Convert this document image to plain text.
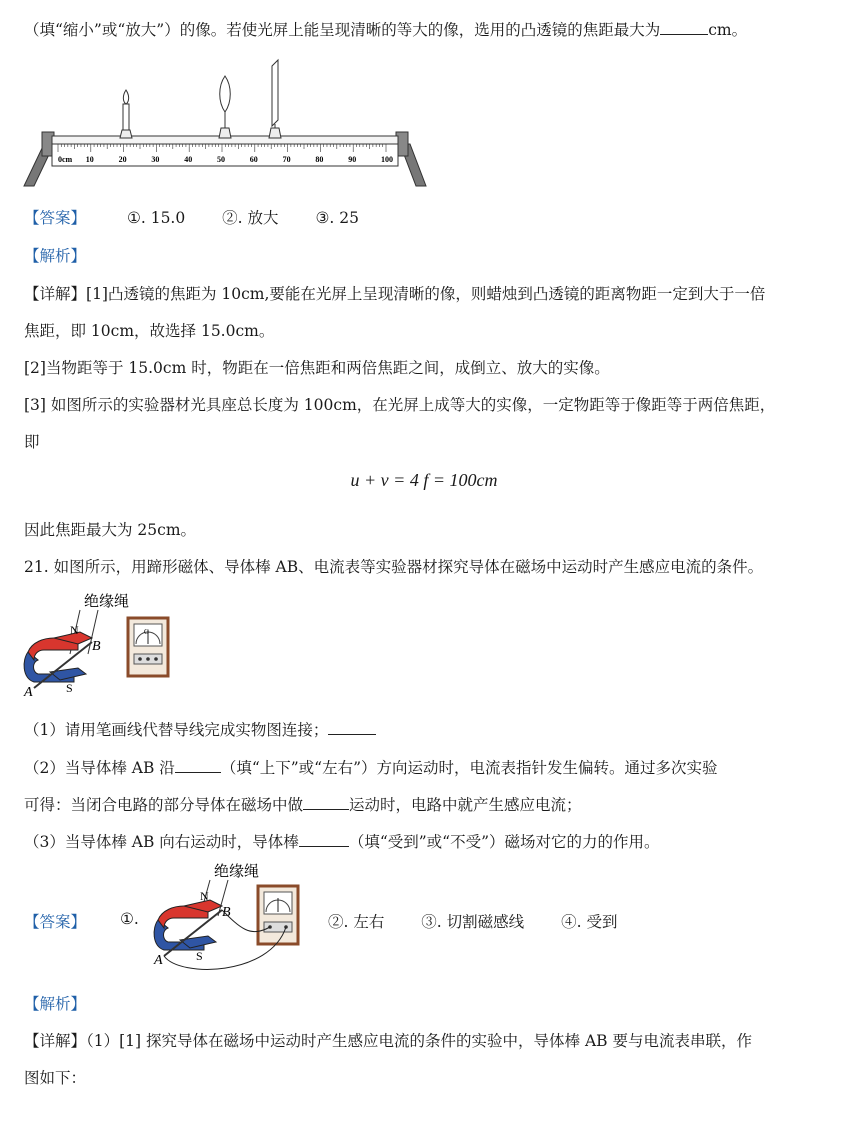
（填“缩小”或“放大”）的像。若使光屏上能呈现清晰的等大的像，选用的凸透镜的焦距最大为	cm。
0cm 10	20	30	40	50	60	70	80	90	100
【答案】	①. 15.0 ②. 放大 ③. 25
【解析】
【详解】[1]凸透镜的焦距为 10cm,要能在光屏上呈现清晰的像，则蜡烛到凸透镜的距离物距一定到大于一倍
焦距，即 10cm，故选择 15.0cm。
[2]当物距等于 15.0cm 时，物距在一倍焦距和两倍焦距之间，成倒立、放大的实像。
[3] 如图所示的实验器材光具座总长度为 100cm，在光屏上成等大的实像，一定物距等于像距等于两倍焦距，
即
u + v = 4 f = 100cm
因此焦距最大为 25cm。
21. 如图所示，用蹄形磁体、导体棒 AB、电流表等实验器材探究导体在磁场中运动时产生感应电流的条件。
绝缘绳
N
B
A	S
G
（1）请用笔画线代替导线完成实物图连接；
（2）当导体棒 AB 沿	（填“上下”或“左右”）方向运动时，电流表指针发生偏转。通过多次实验
可得：当闭合电路的部分导体在磁场中做	运动时，电路中就产生感应电流；
（3）当导体棒 AB 向右运动时，导体棒	（填“受到”或“不受”）磁场对它的力的作用。
【答案】 ①.
绝缘绳
N
B
A	S
②. 左右 ③. 切割磁感线 ④. 受到
【解析】
【详解】（1）[1] 探究导体在磁场中运动时产生感应电流的条件的实验中，导体棒 AB 要与电流表串联，作
图如下：
